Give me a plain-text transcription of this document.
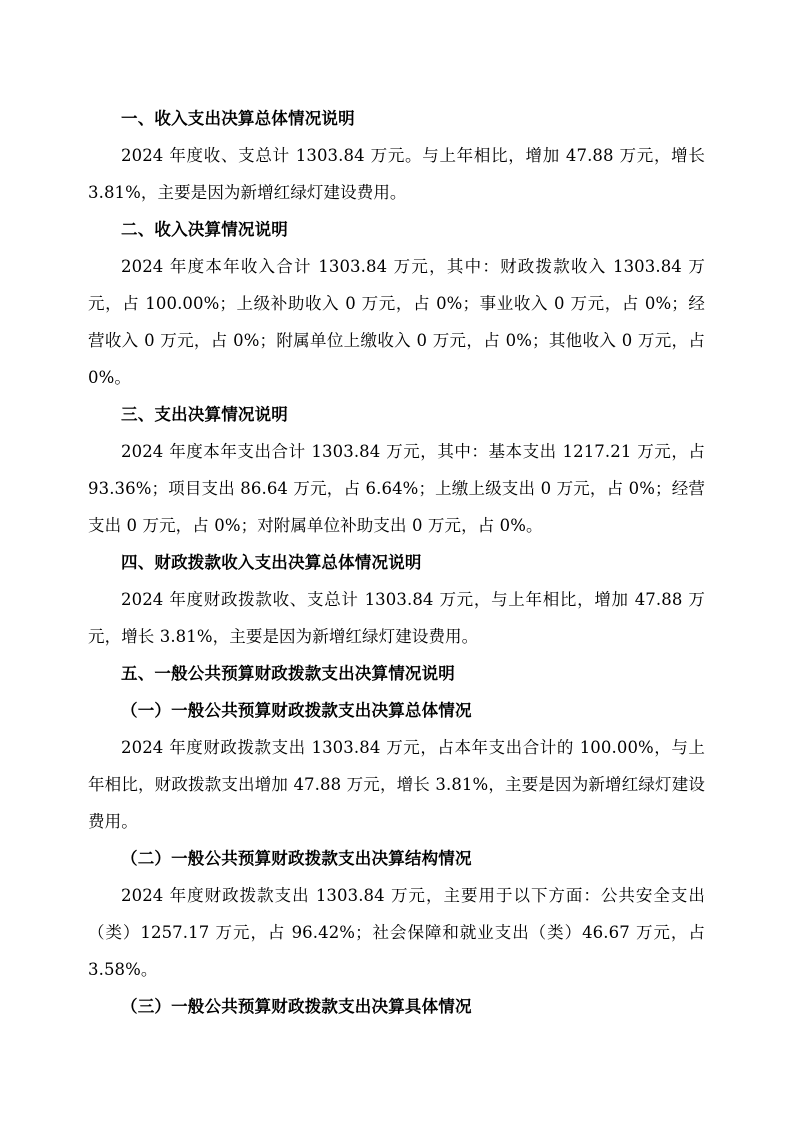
一、收入支出决算总体情况说明

2024 年度收、支总计 1303.84 万元。与上年相比，增加 47.88 万元，增长 3.81%，主要是因为新增红绿灯建设费用。

二、收入决算情况说明

2024 年度本年收入合计 1303.84 万元，其中：财政拨款收入 1303.84 万元，占 100.00%；上级补助收入 0 万元，占 0%；事业收入 0 万元，占 0%；经营收入 0 万元，占 0%；附属单位上缴收入 0 万元，占 0%；其他收入 0 万元，占 0%。

三、支出决算情况说明

2024 年度本年支出合计 1303.84 万元，其中：基本支出 1217.21 万元，占 93.36%；项目支出 86.64 万元，占 6.64%；上缴上级支出 0 万元，占 0%；经营支出 0 万元，占 0%；对附属单位补助支出 0 万元，占 0%。

四、财政拨款收入支出决算总体情况说明

2024 年度财政拨款收、支总计 1303.84 万元，与上年相比，增加 47.88 万元，增长 3.81%，主要是因为新增红绿灯建设费用。

五、一般公共预算财政拨款支出决算情况说明
（一）一般公共预算财政拨款支出决算总体情况

2024 年度财政拨款支出 1303.84 万元，占本年支出合计的 100.00%，与上年相比，财政拨款支出增加 47.88 万元，增长 3.81%，主要是因为新增红绿灯建设费用。

（二）一般公共预算财政拨款支出决算结构情况

2024 年度财政拨款支出 1303.84 万元，主要用于以下方面：公共安全支出（类）1257.17 万元，占 96.42%；社会保障和就业支出（类）46.67 万元，占 3.58%。

（三）一般公共预算财政拨款支出决算具体情况
